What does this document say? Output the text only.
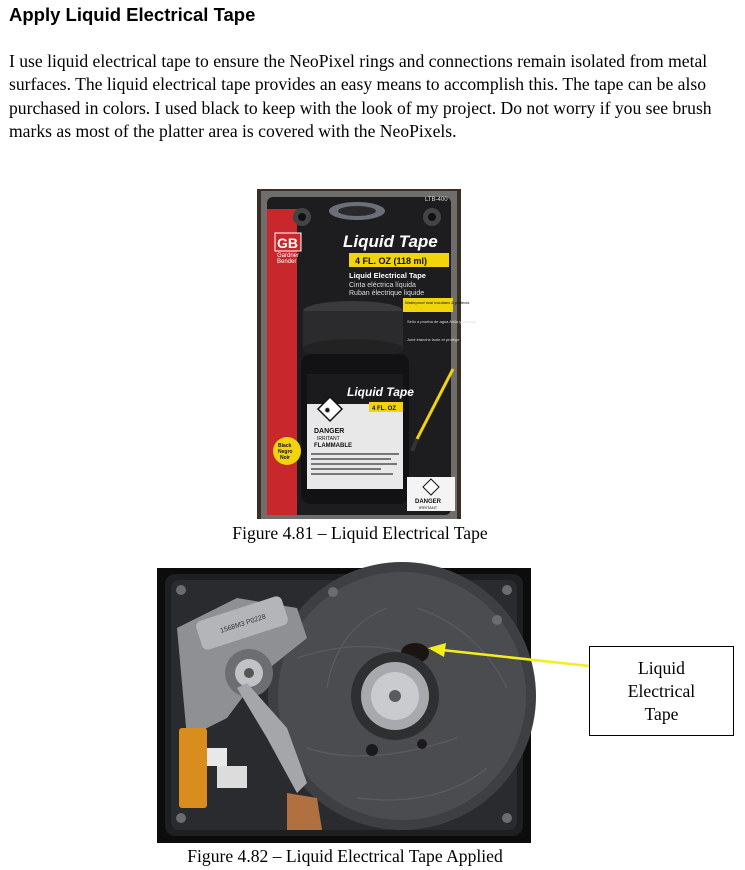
Apply Liquid Electrical Tape

I use liquid electrical tape to ensure the NeoPixel rings and connections remain isolated from metal surfaces. The liquid electrical tape provides an easy means to accomplish this. The tape can be also purchased in colors. I used black to keep with the look of my project. Do not worry if you see brush marks as most of the platter area is covered with the NeoPixels.

LTB-400
GB
Gardner
Bender
Liquid Tape
4 FL. OZ (118 ml)
Liquid Electrical Tape
Cinta eléctrica líquida
Ruban électrique liquide
Waterproof seal Insulates & protects
Sello a prueba de agua Aísla y protege
Joint étanche Isole et protège
Liquid Tape
4 FL. OZ
✹
DANGER
IRRITANT
FLAMMABLE
Black
Negro
Noir
DANGER
IRRITANT
Figure 4.81 – Liquid Electrical Tape
1568M3 P0228
Figure 4.82 – Liquid Electrical Tape Applied
Liquid
Electrical
Tape
